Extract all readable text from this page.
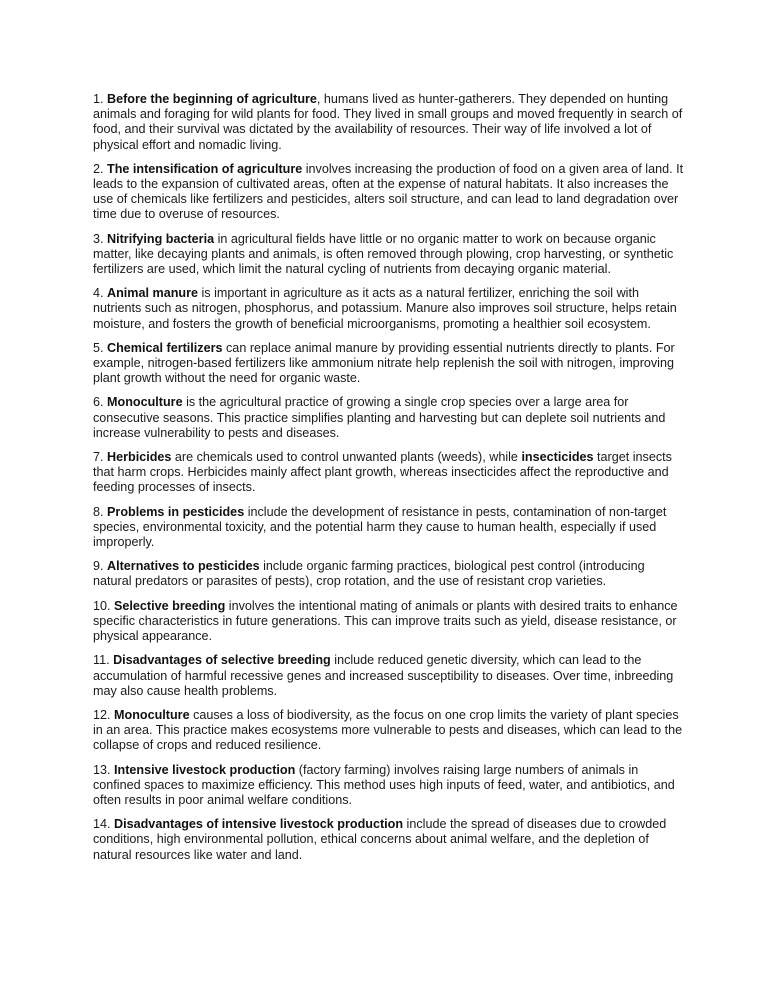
1. Before the beginning of agriculture, humans lived as hunter-gatherers. They depended on hunting animals and foraging for wild plants for food. They lived in small groups and moved frequently in search of food, and their survival was dictated by the availability of resources. Their way of life involved a lot of physical effort and nomadic living.

2. The intensification of agriculture involves increasing the production of food on a given area of land. It leads to the expansion of cultivated areas, often at the expense of natural habitats. It also increases the use of chemicals like fertilizers and pesticides, alters soil structure, and can lead to land degradation over time due to overuse of resources.

3. Nitrifying bacteria in agricultural fields have little or no organic matter to work on because organic matter, like decaying plants and animals, is often removed through plowing, crop harvesting, or synthetic fertilizers are used, which limit the natural cycling of nutrients from decaying organic material.

4. Animal manure is important in agriculture as it acts as a natural fertilizer, enriching the soil with nutrients such as nitrogen, phosphorus, and potassium. Manure also improves soil structure, helps retain moisture, and fosters the growth of beneficial microorganisms, promoting a healthier soil ecosystem.

5. Chemical fertilizers can replace animal manure by providing essential nutrients directly to plants. For example, nitrogen-based fertilizers like ammonium nitrate help replenish the soil with nitrogen, improving plant growth without the need for organic waste.

6. Monoculture is the agricultural practice of growing a single crop species over a large area for consecutive seasons. This practice simplifies planting and harvesting but can deplete soil nutrients and increase vulnerability to pests and diseases.

7. Herbicides are chemicals used to control unwanted plants (weeds), while insecticides target insects that harm crops. Herbicides mainly affect plant growth, whereas insecticides affect the reproductive and feeding processes of insects.

8. Problems in pesticides include the development of resistance in pests, contamination of non-target species, environmental toxicity, and the potential harm they cause to human health, especially if used improperly.

9. Alternatives to pesticides include organic farming practices, biological pest control (introducing natural predators or parasites of pests), crop rotation, and the use of resistant crop varieties.

10. Selective breeding involves the intentional mating of animals or plants with desired traits to enhance specific characteristics in future generations. This can improve traits such as yield, disease resistance, or physical appearance.

11. Disadvantages of selective breeding include reduced genetic diversity, which can lead to the accumulation of harmful recessive genes and increased susceptibility to diseases. Over time, inbreeding may also cause health problems.

12. Monoculture causes a loss of biodiversity, as the focus on one crop limits the variety of plant species in an area. This practice makes ecosystems more vulnerable to pests and diseases, which can lead to the collapse of crops and reduced resilience.

13. Intensive livestock production (factory farming) involves raising large numbers of animals in confined spaces to maximize efficiency. This method uses high inputs of feed, water, and antibiotics, and often results in poor animal welfare conditions.

14. Disadvantages of intensive livestock production include the spread of diseases due to crowded conditions, high environmental pollution, ethical concerns about animal welfare, and the depletion of natural resources like water and land.
